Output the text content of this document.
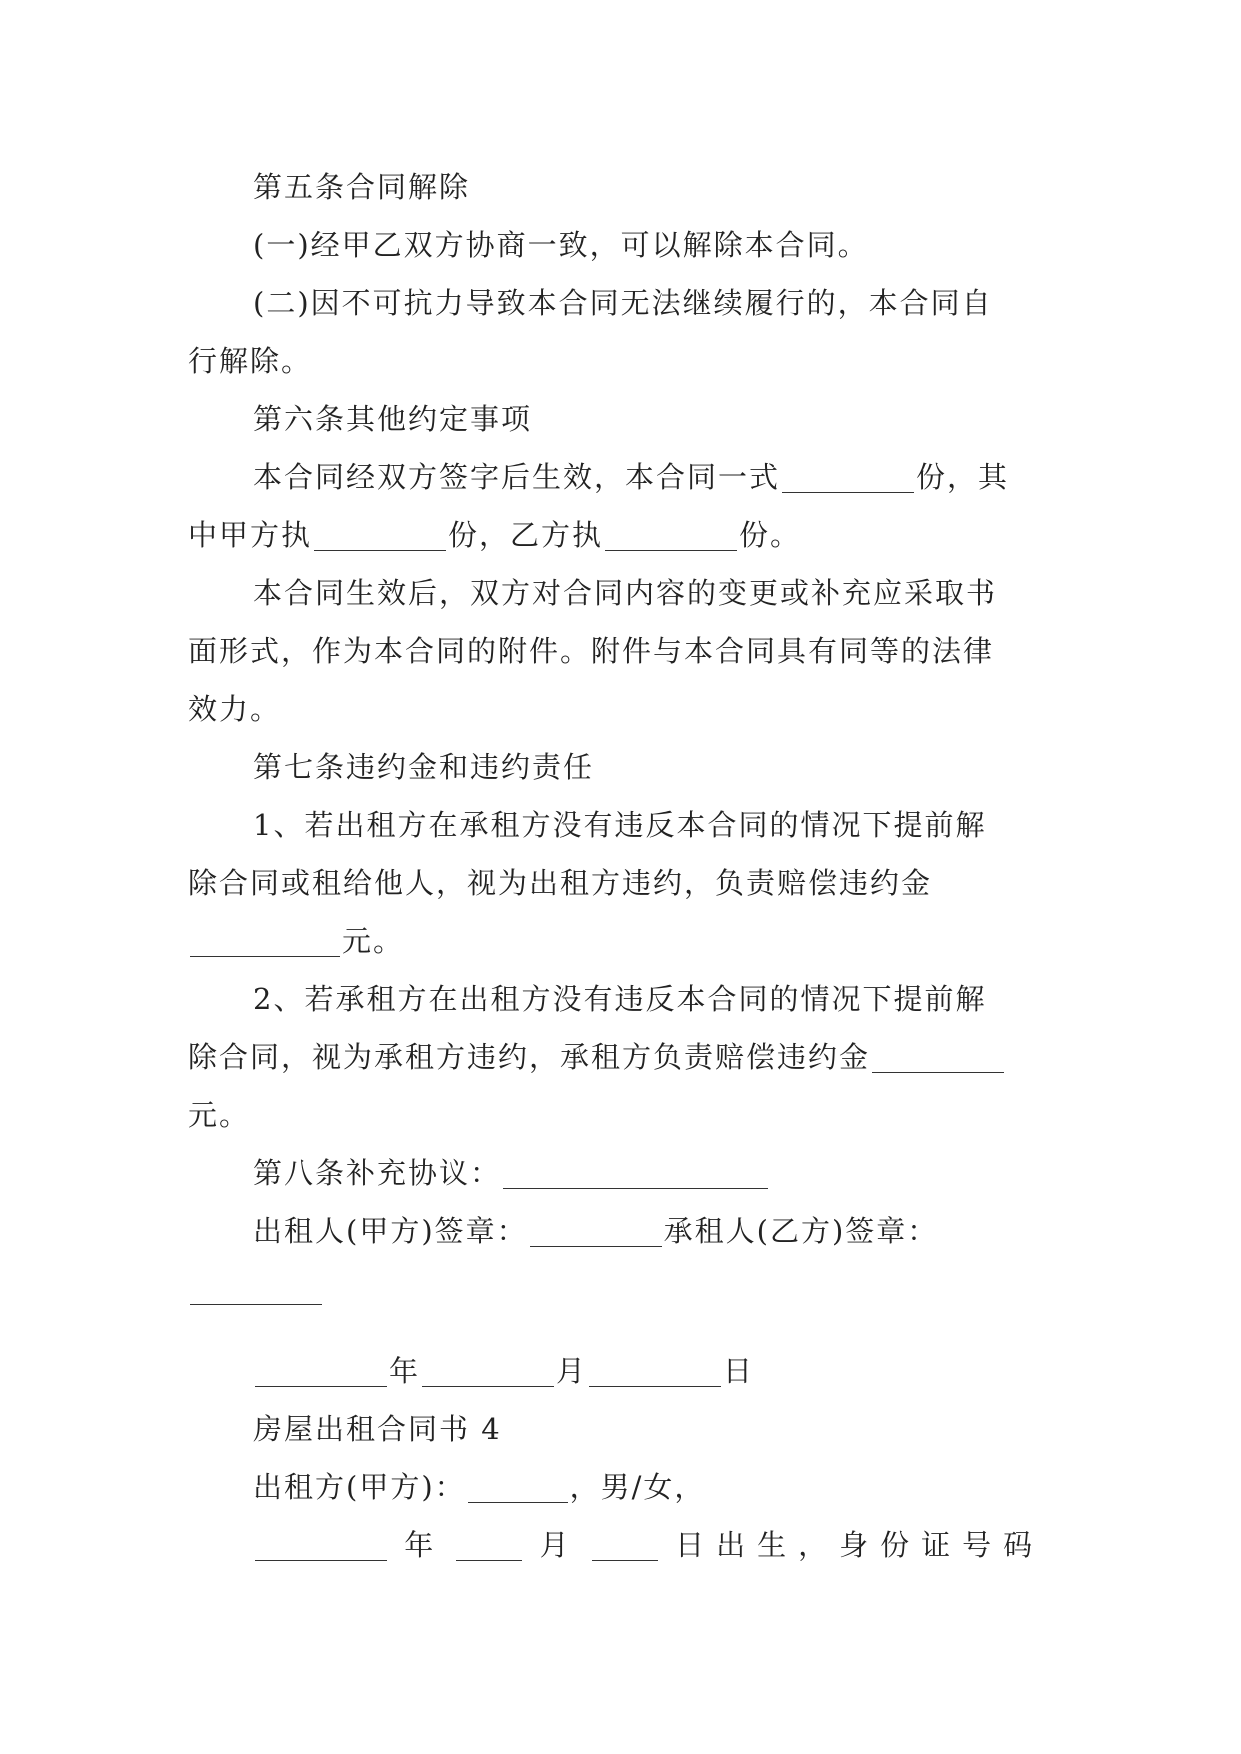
第五条合同解除
(一)经甲乙双方协商一致，可以解除本合同。
(二)因不可抗力导致本合同无法继续履行的，本合同自
行解除。
第六条其他约定事项
本合同经双方签字后生效，本合同一式	份，其
中甲方执	份，乙方执	份。
本合同生效后，双方对合同内容的变更或补充应采取书
面形式，作为本合同的附件。附件与本合同具有同等的法律
效力。
第七条违约金和违约责任
1、若出租方在承租方没有违反本合同的情况下提前解
除合同或租给他人，视为出租方违约，负责赔偿违约金
元。
2、若承租方在出租方没有违反本合同的情况下提前解
除合同，视为承租方违约，承租方负责赔偿违约金
元。
第八条补充协议：
出租人(甲方)签章：	承租人(乙方)签章：
年	月	日
房屋出租合同书 4
出租方(甲方)：	，男/女，
年	月	日出生，身份证号码
